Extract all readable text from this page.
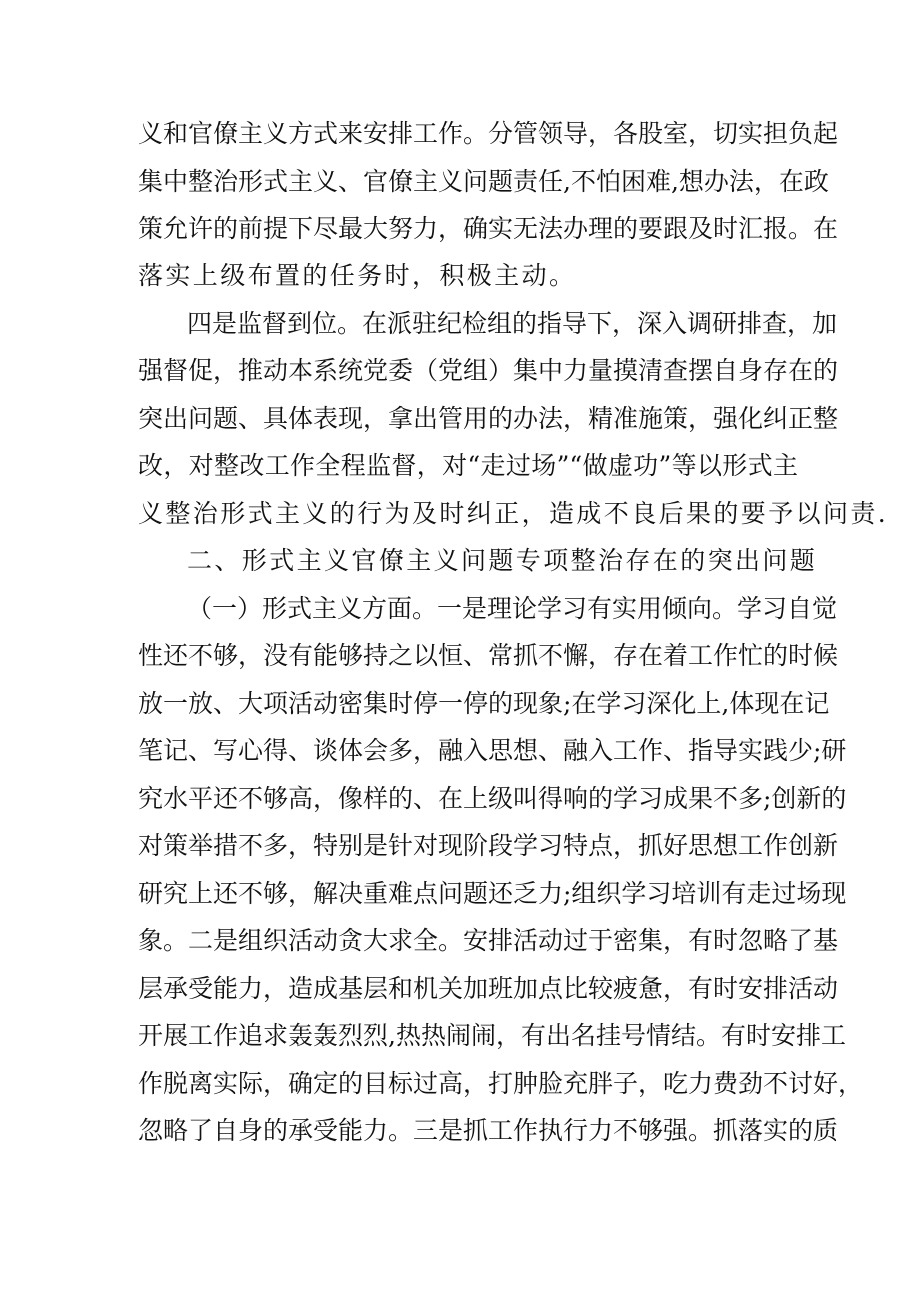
义和官僚主义方式来安排工作。分管领导，各股室，切实担负起
集中整治形式主义、官僚主义问题责任,不怕困难,想办法，在政
策允许的前提下尽最大努力，确实无法办理的要跟及时汇报。在
落实上级布置的任务时，积极主动。
四是监督到位。在派驻纪检组的指导下，深入调研排查，加
强督促，推动本系统党委（党组）集中力量摸清查摆自身存在的
突出问题、具体表现，拿出管用的办法，精准施策，强化纠正整
改，对整改工作全程监督，对“走过场”“做虚功”等以形式主
义整治形式主义的行为及时纠正，造成不良后果的要予以问责.
二、形式主义官僚主义问题专项整治存在的突出问题
（一）形式主义方面。一是理论学习有实用倾向。学习自觉
性还不够，没有能够持之以恒、常抓不懈，存在着工作忙的时候
放一放、大项活动密集时停一停的现象;在学习深化上,体现在记
笔记、写心得、谈体会多，融入思想、融入工作、指导实践少;研
究水平还不够高，像样的、在上级叫得响的学习成果不多;创新的
对策举措不多，特别是针对现阶段学习特点，抓好思想工作创新
研究上还不够，解决重难点问题还乏力;组织学习培训有走过场现
象。二是组织活动贪大求全。安排活动过于密集，有时忽略了基
层承受能力，造成基层和机关加班加点比较疲惫，有时安排活动
开展工作追求轰轰烈烈,热热闹闹，有出名挂号情结。有时安排工
作脱离实际，确定的目标过高，打肿脸充胖子，吃力费劲不讨好，
忽略了自身的承受能力。三是抓工作执行力不够强。抓落实的质
